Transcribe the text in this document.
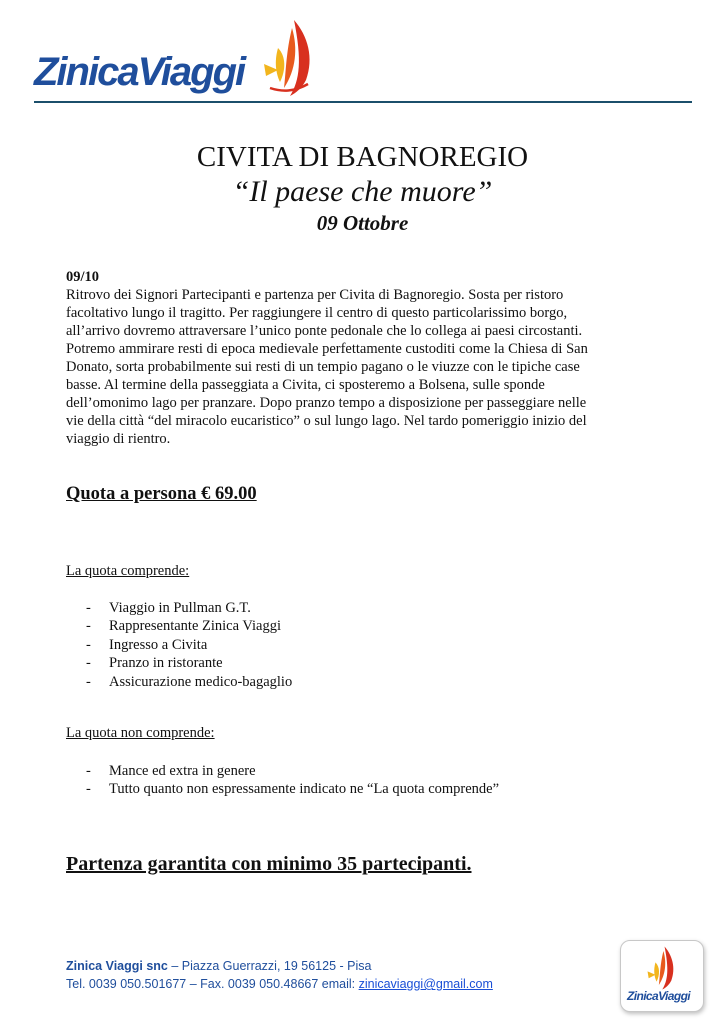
ZinicaViaggi
CIVITA DI BAGNOREGIO
“Il paese che muore”
09 Ottobre
09/10

Ritrovo dei Signori Partecipanti e partenza per Civita di Bagnoregio. Sosta per ristoro

facoltativo lungo il tragitto. Per raggiungere il centro di questo particolarissimo borgo,

all’arrivo dovremo attraversare l’unico ponte pedonale che lo collega ai paesi circostanti.

Potremo ammirare resti di epoca medievale perfettamente custoditi come la Chiesa di San

Donato, sorta probabilmente sui resti di un tempio pagano o le viuzze con le tipiche case

basse. Al termine della passeggiata a Civita, ci sposteremo a Bolsena, sulle sponde

dell’omonimo lago per pranzare. Dopo pranzo tempo a disposizione per passeggiare nelle

vie della città “del miracolo eucaristico” o sul lungo lago. Nel tardo pomeriggio inizio del

viaggio di rientro.

Quota a persona € 69.00
La quota comprende:
- Viaggio in Pullman G.T.
- Rappresentante Zinica Viaggi
- Ingresso a Civita
- Pranzo in ristorante
- Assicurazione medico-bagaglio
La quota non comprende:
- Mance ed extra in genere
- Tutto quanto non espressamente indicato ne “La quota comprende”
Partenza garantita con minimo 35 partecipanti.
Zinica Viaggi snc – Piazza Guerrazzi, 19 56125 - Pisa
Tel. 0039 050.501677 – Fax. 0039 050.48667 email: zinicaviaggi@gmail.com
ZinicaViaggi
